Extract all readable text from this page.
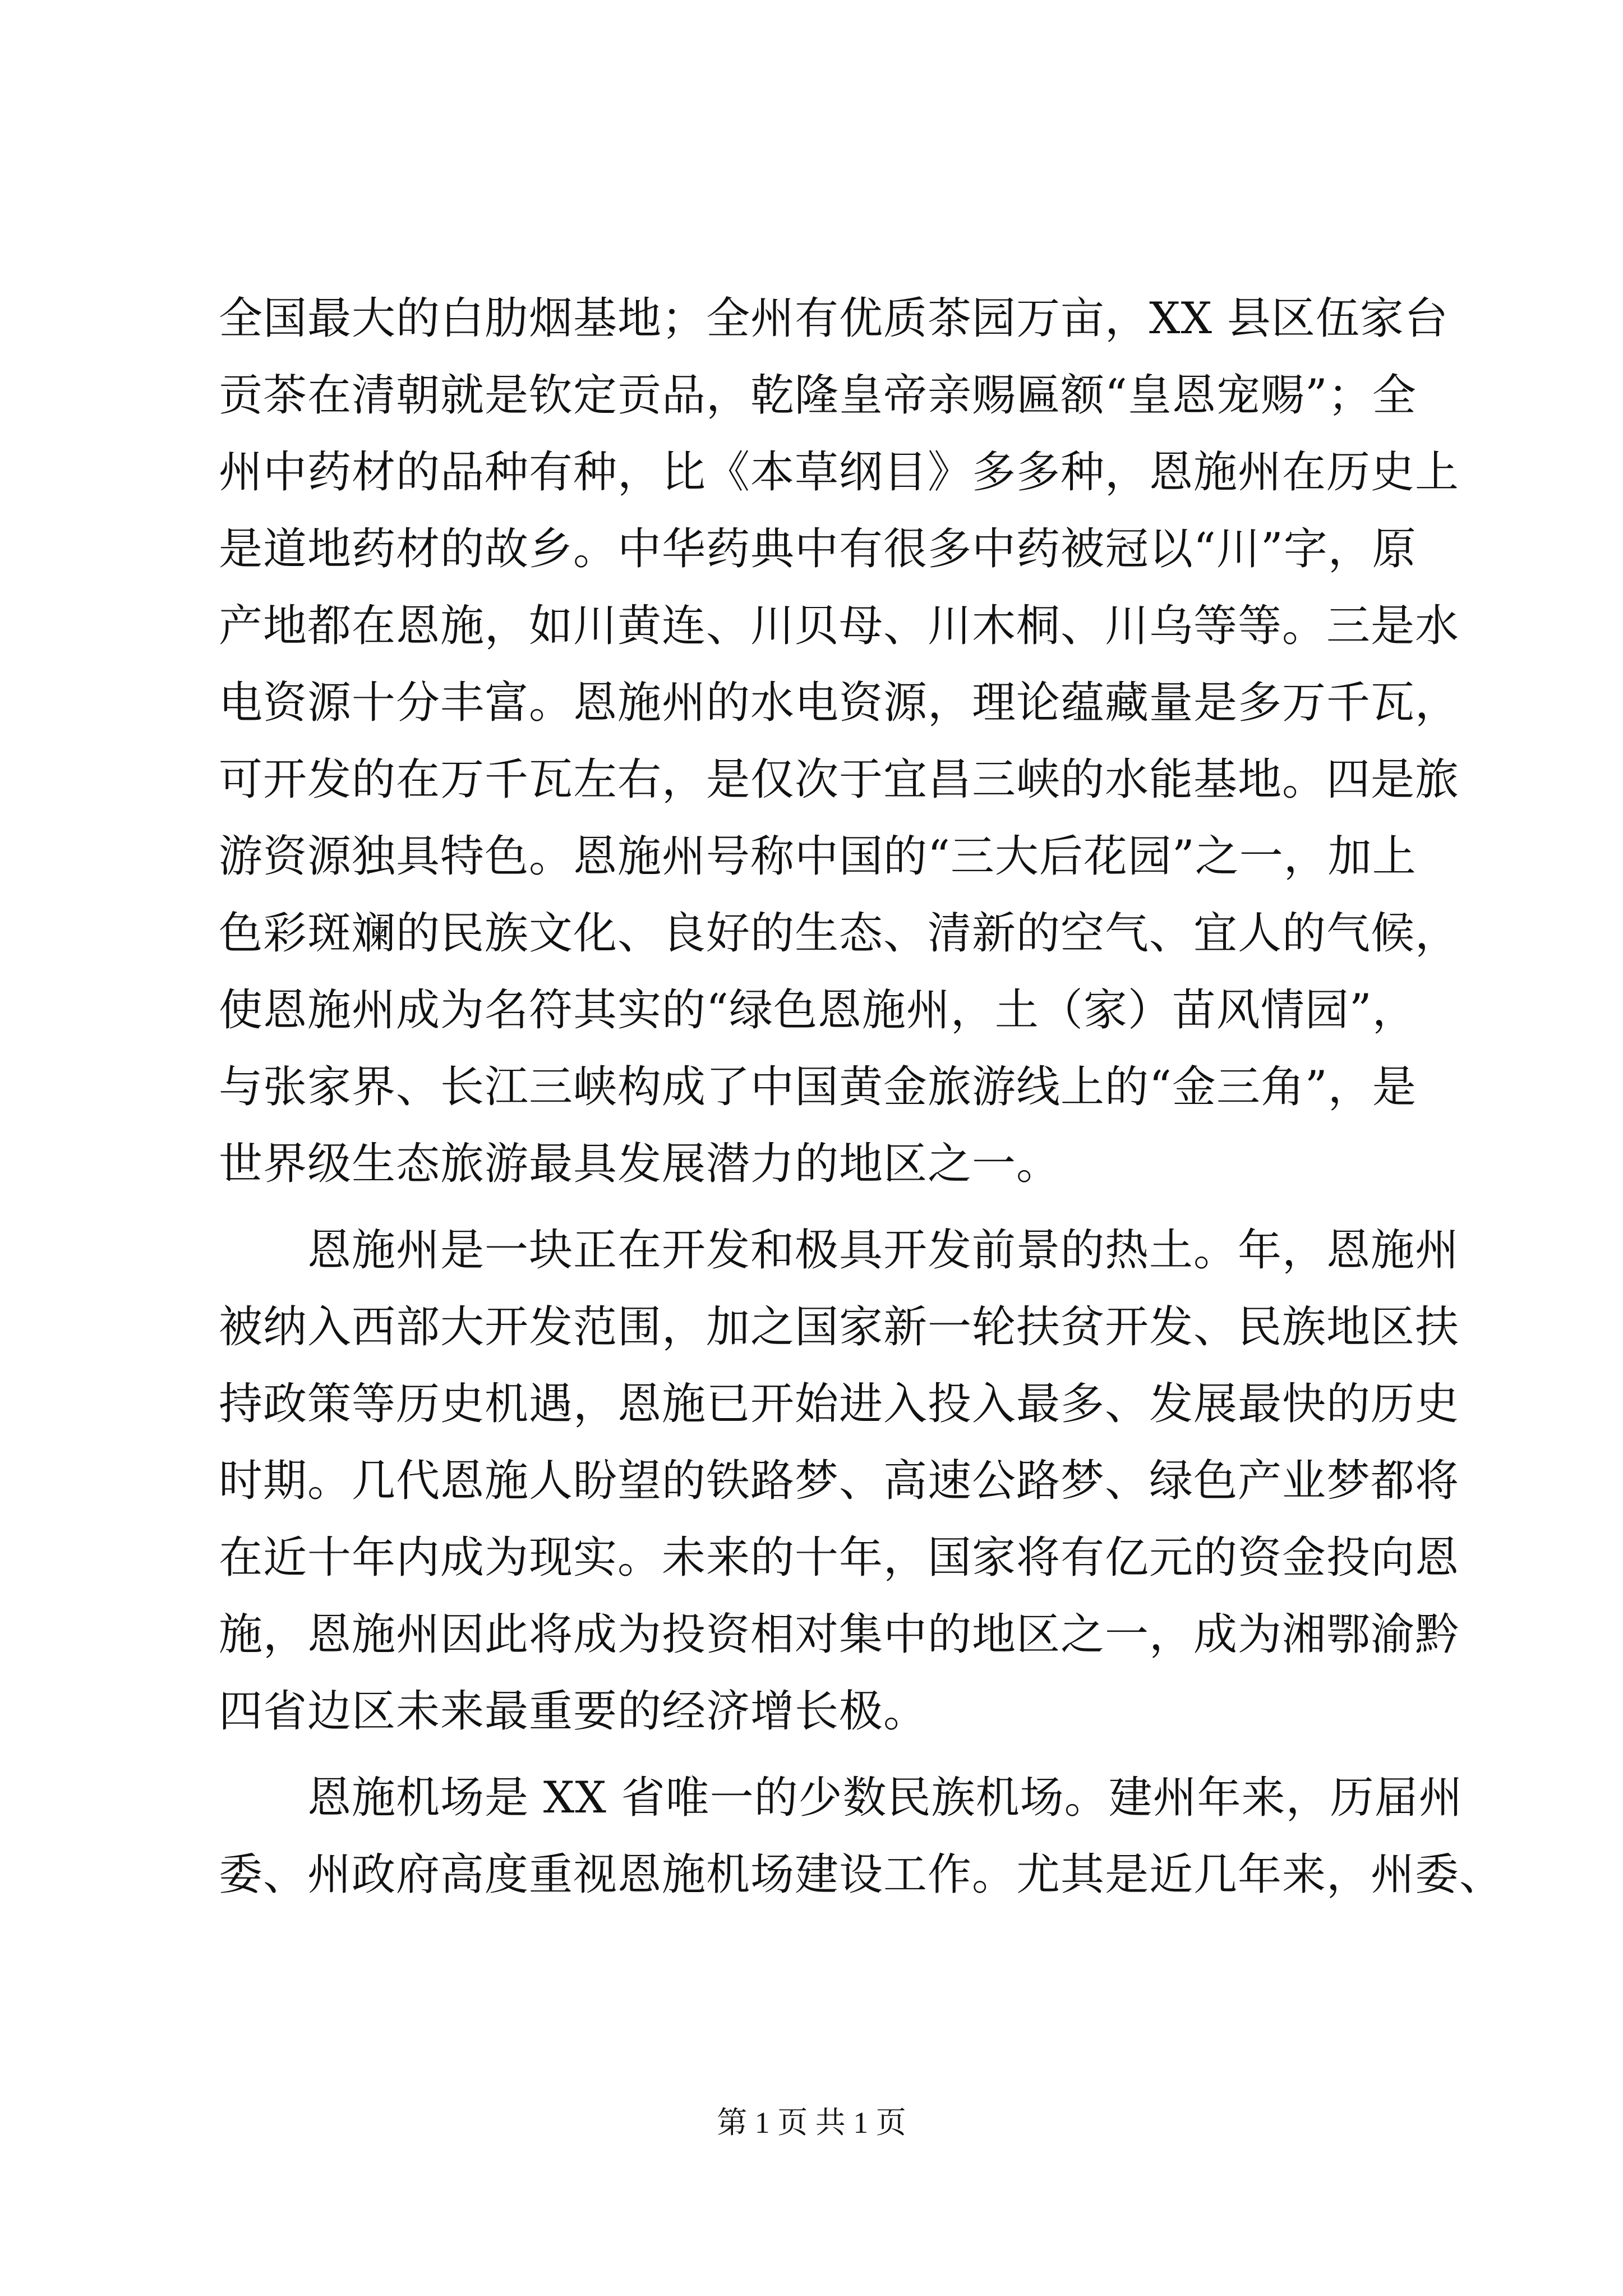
全国最大的白肋烟基地；全州有优质茶园万亩，XX 县区伍家台
贡茶在清朝就是钦定贡品，乾隆皇帝亲赐匾额“皇恩宠赐”；全
州中药材的品种有种，比《本草纲目》多多种，恩施州在历史上
是道地药材的故乡。中华药典中有很多中药被冠以“川”字，原
产地都在恩施，如川黄连、川贝母、川木桐、川乌等等。三是水
电资源十分丰富。恩施州的水电资源，理论蕴藏量是多万千瓦，
可开发的在万千瓦左右，是仅次于宜昌三峡的水能基地。四是旅
游资源独具特色。恩施州号称中国的“三大后花园”之一，加上
色彩斑斓的民族文化、良好的生态、清新的空气、宜人的气候，
使恩施州成为名符其实的“绿色恩施州，土（家）苗风情园”，
与张家界、长江三峡构成了中国黄金旅游线上的“金三角”，是
世界级生态旅游最具发展潜力的地区之一。
　　恩施州是一块正在开发和极具开发前景的热土。年，恩施州
被纳入西部大开发范围，加之国家新一轮扶贫开发、民族地区扶
持政策等历史机遇，恩施已开始进入投入最多、发展最快的历史
时期。几代恩施人盼望的铁路梦、高速公路梦、绿色产业梦都将
在近十年内成为现实。未来的十年，国家将有亿元的资金投向恩
施，恩施州因此将成为投资相对集中的地区之一，成为湘鄂渝黔
四省边区未来最重要的经济增长极。
　　恩施机场是 XX 省唯一的少数民族机场。建州年来，历届州
委、州政府高度重视恩施机场建设工作。尤其是近几年来，州委、
第 1 页 共 1 页
